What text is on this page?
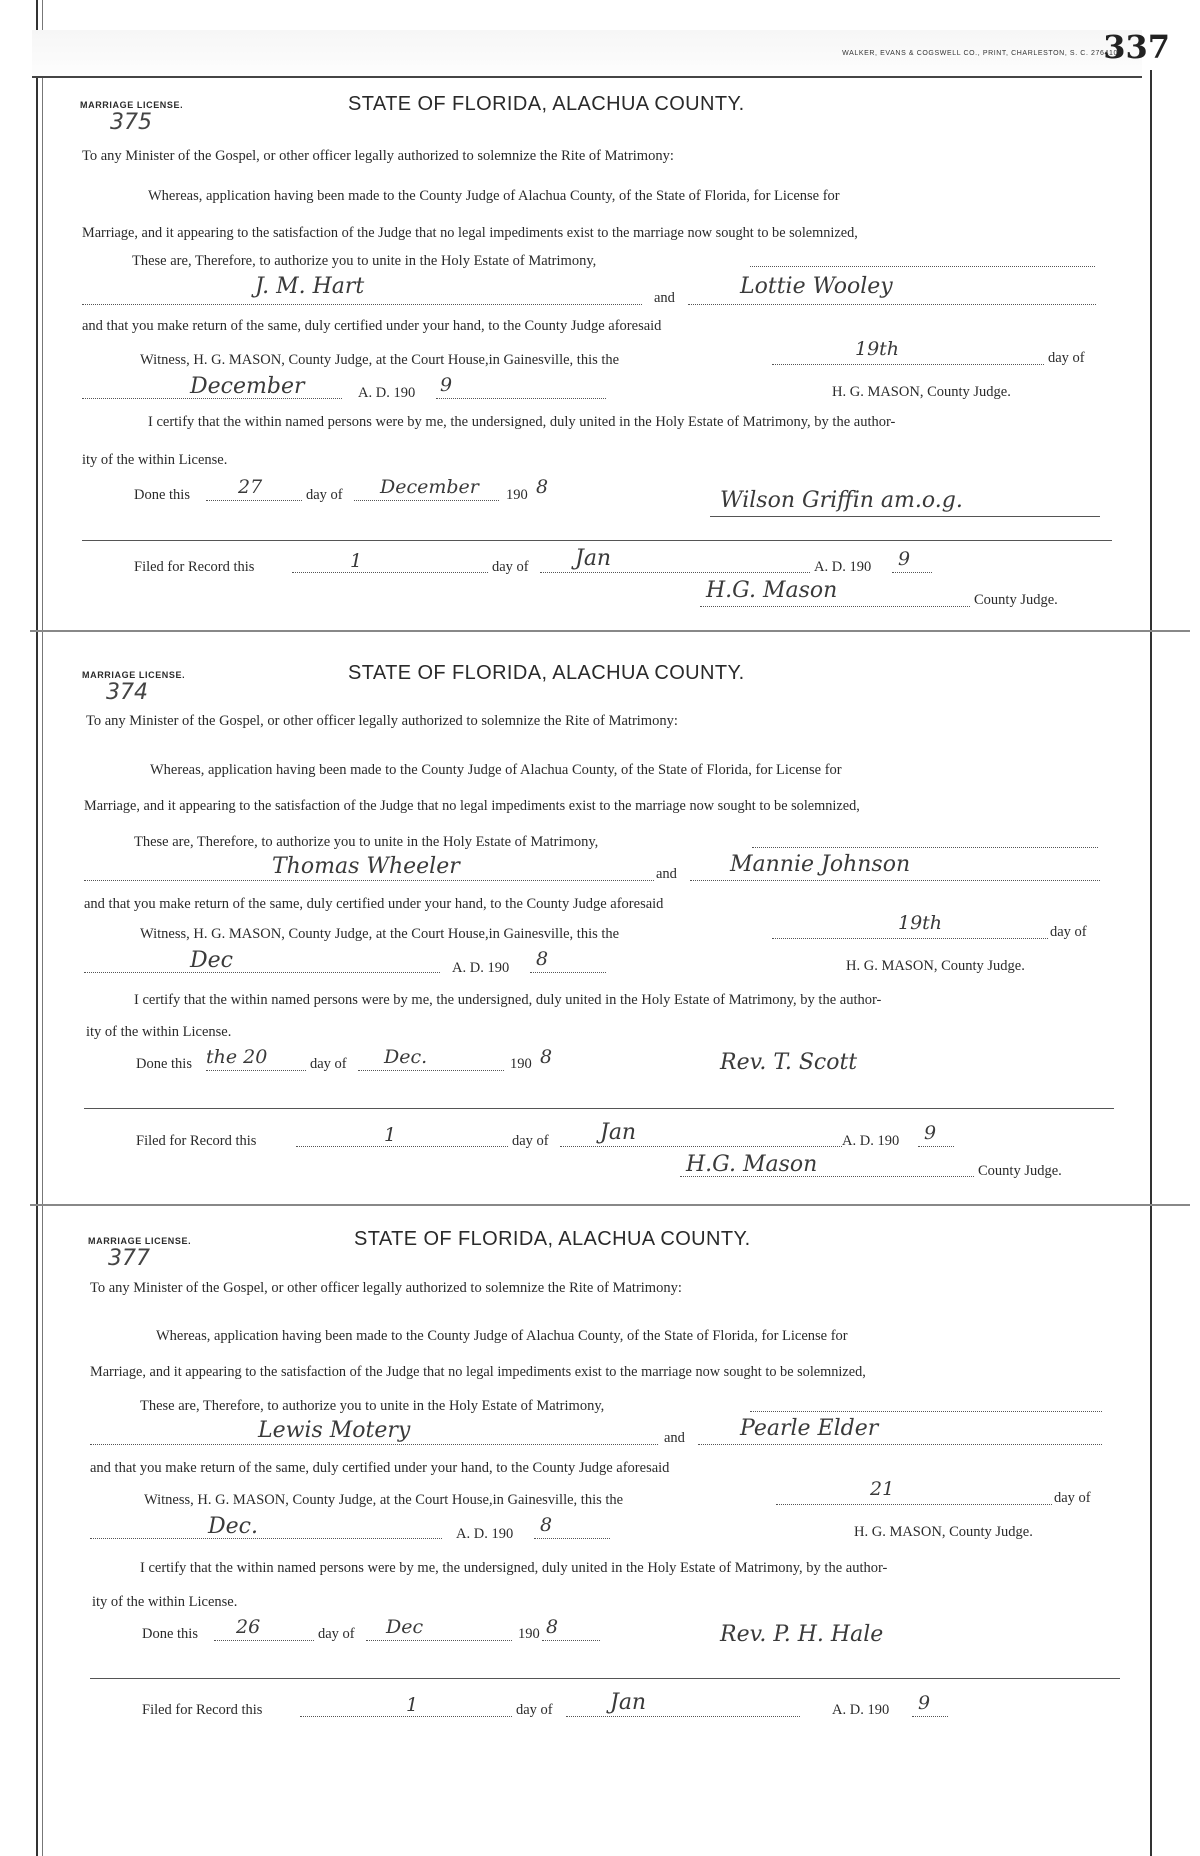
WALKER, EVANS & COGSWELL CO., PRINT, CHARLESTON, S. C. 276410
337
MARRIAGE LICENSE.
375
STATE OF FLORIDA, ALACHUA COUNTY.
To any Minister of the Gospel, or other officer legally authorized to solemnize the Rite of Matrimony:
Whereas, application having been made to the County Judge of Alachua County, of the State of Florida, for License for
Marriage, and it appearing to the satisfaction of the Judge that no legal impediments exist to the marriage now sought to be solemnized,
These are, Therefore, to authorize you to unite in the Holy Estate of Matrimony,
J. M. Hart	and	Lottie Wooley
and that you make return of the same, duly certified under your hand, to the County Judge aforesaid
Witness, H. G. MASON, County Judge, at the Court House,in Gainesville, this the	19th	day of
December	A. D. 190 9	H. G. MASON, County Judge.
I certify that the within named persons were by me, the undersigned, duly united in the Holy Estate of Matrimony, by the author-
ity of the within License.
Done this	27	day of December 190 8
Wilson Griffin am.o.g.
Filed for Record this	1	day of Jan	A. D. 190 9
H.G. Mason	County Judge.
MARRIAGE LICENSE.
374
STATE OF FLORIDA, ALACHUA COUNTY.
To any Minister of the Gospel, or other officer legally authorized to solemnize the Rite of Matrimony:
Whereas, application having been made to the County Judge of Alachua County, of the State of Florida, for License for
Marriage, and it appearing to the satisfaction of the Judge that no legal impediments exist to the marriage now sought to be solemnized,
These are, Therefore, to authorize you to unite in the Holy Estate of Matrimony,
Thomas Wheeler	and Mannie Johnson
and that you make return of the same, duly certified under your hand, to the County Judge aforesaid
Witness, H. G. MASON, County Judge, at the Court House,in Gainesville, this the	19th	day of
Dec	A. D. 190 8	H. G. MASON, County Judge.
I certify that the within named persons were by me, the undersigned, duly united in the Holy Estate of Matrimony, by the author-
ity of the within License.
Done this the 20	day of Dec.	190 8	Rev. T. Scott
Filed for Record this	1	day of Jan	A. D. 190 9
H.G. Mason	County Judge.
MARRIAGE LICENSE.
377
STATE OF FLORIDA, ALACHUA COUNTY.
To any Minister of the Gospel, or other officer legally authorized to solemnize the Rite of Matrimony:
Whereas, application having been made to the County Judge of Alachua County, of the State of Florida, for License for
Marriage, and it appearing to the satisfaction of the Judge that no legal impediments exist to the marriage now sought to be solemnized,
These are, Therefore, to authorize you to unite in the Holy Estate of Matrimony,
Lewis Motery	and	Pearle Elder
and that you make return of the same, duly certified under your hand, to the County Judge aforesaid
Witness, H. G. MASON, County Judge, at the Court House,in Gainesville, this the	21	day of
Dec.	A. D. 190 8	H. G. MASON, County Judge.
I certify that the within named persons were by me, the undersigned, duly united in the Holy Estate of Matrimony, by the author-
ity of the within License.
Done this 26	day of Dec	190 8	Rev. P. H. Hale
Filed for Record this	1	day of	Jan	A. D. 190 9
